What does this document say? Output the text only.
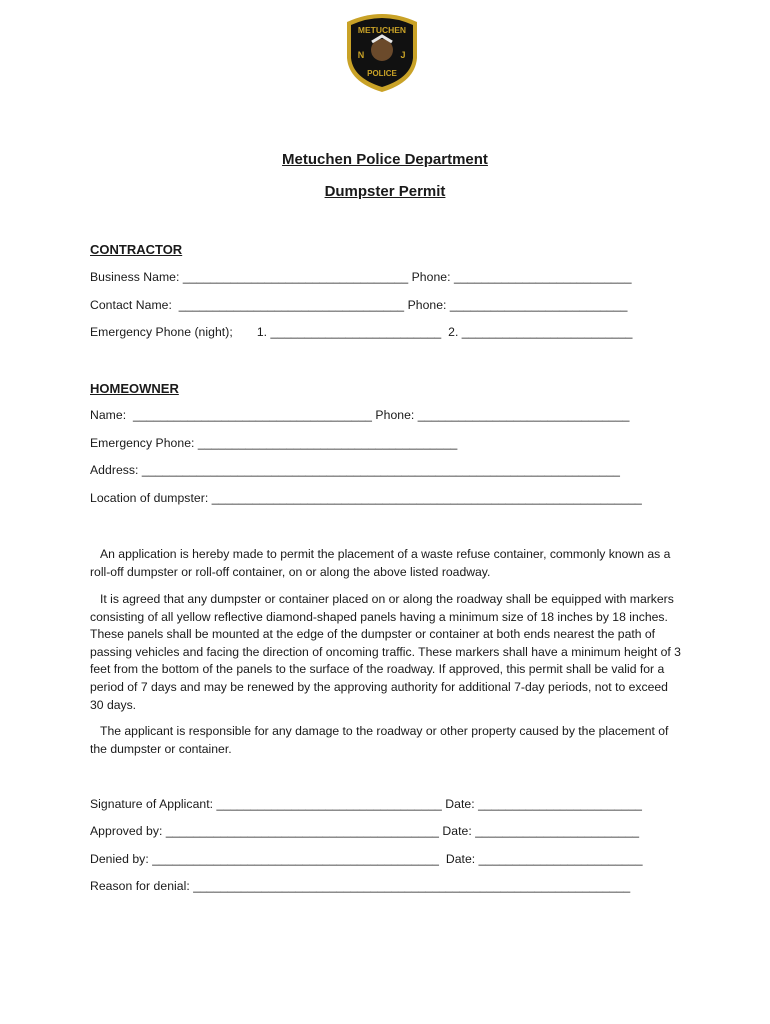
METUCHEN
N	J
POLICE
Metuchen Police Department
Dumpster Permit
CONTRACTOR
Business Name: _________________________________ Phone: __________________________
Contact Name:  _________________________________ Phone: __________________________
Emergency Phone (night);       1. _________________________  2. _________________________
HOMEOWNER
Name:  ___________________________________ Phone: _______________________________
Emergency Phone: ______________________________________
Address: ______________________________________________________________________
Location of dumpster: _______________________________________________________________
An application is hereby made to permit the placement of a waste refuse container, commonly known as a roll-off dumpster or roll-off container, on or along the above listed roadway.
It is agreed that any dumpster or container placed on or along the roadway shall be equipped with markers consisting of all yellow reflective diamond-shaped panels having a minimum size of 18 inches by 18 inches. These panels shall be mounted at the edge of the dumpster or container at both ends nearest the path of passing vehicles and facing the direction of oncoming traffic. These markers shall have a minimum height of 3 feet from the bottom of the panels to the surface of the roadway. If approved, this permit shall be valid for a period of 7 days and may be renewed by the approving authority for additional 7-day periods, not to exceed 30 days.
The applicant is responsible for any damage to the roadway or other property caused by the placement of the dumpster or container.
Signature of Applicant: _________________________________ Date: ________________________
Approved by: ________________________________________ Date: ________________________
Denied by: __________________________________________  Date: ________________________
Reason for denial: ________________________________________________________________
